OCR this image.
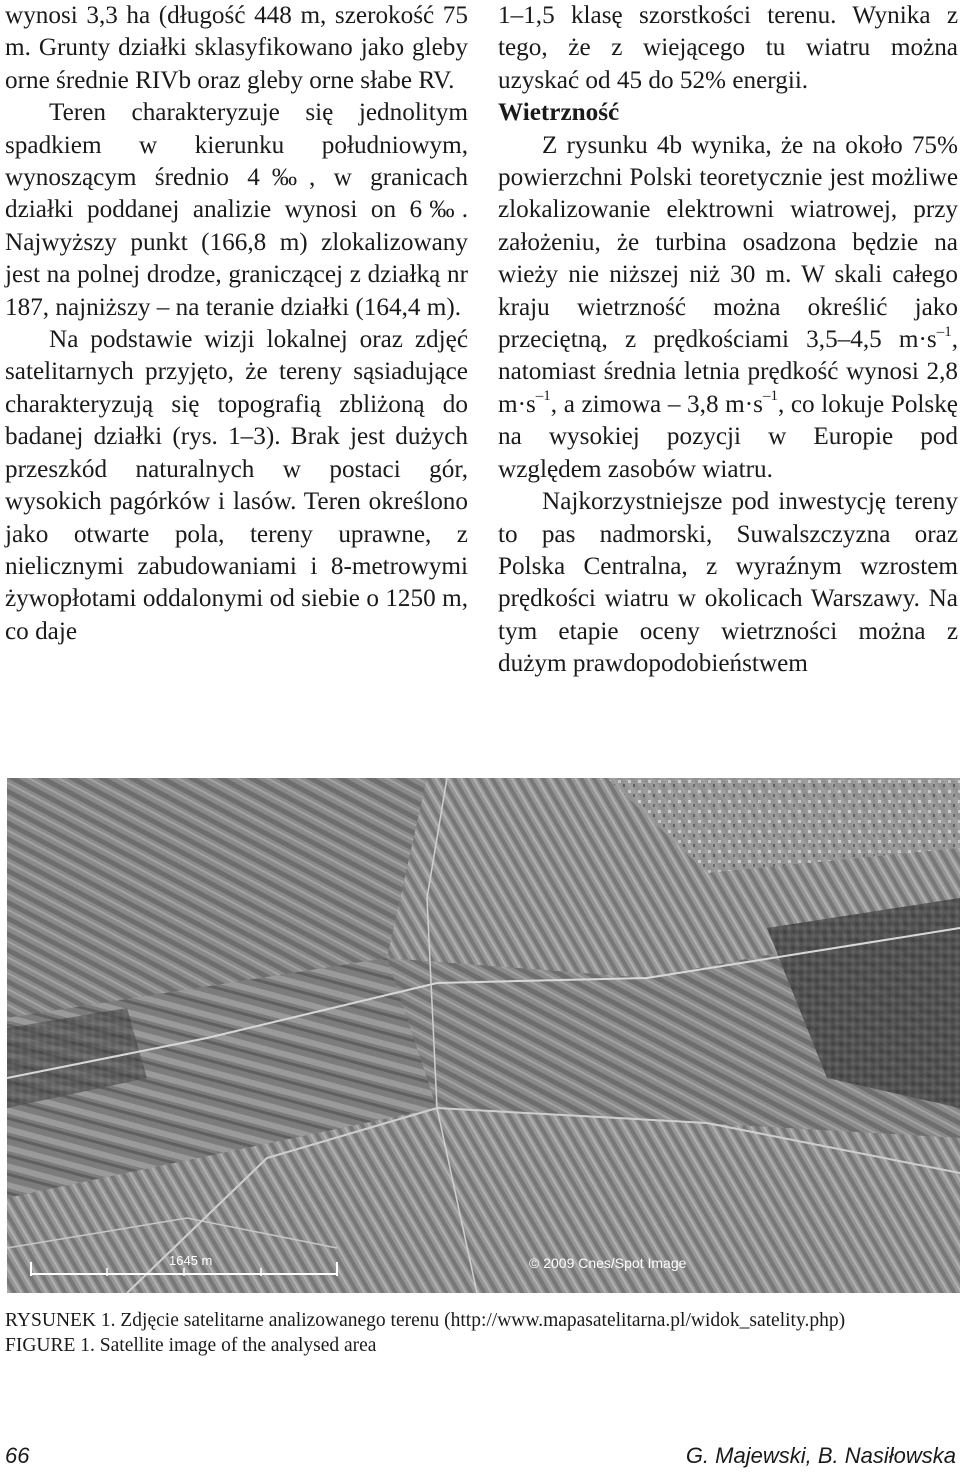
wynosi 3,3 ha (długość 448 m, szerokość 75 m. Grunty działki sklasyfikowano jako gleby orne średnie RIVb oraz gleby orne słabe RV.

Teren charakteryzuje się jednolitym spadkiem w kierunku południowym, wynoszącym średnio 4‰, w granicach działki poddanej analizie wynosi on 6‰. Najwyższy punkt (166,8 m) zlokalizowany jest na polnej drodze, graniczącej z działką nr 187, najniższy – na teranie działki (164,4 m).

Na podstawie wizji lokalnej oraz zdjęć satelitarnych przyjęto, że tereny sąsiadujące charakteryzują się topografią zbliżoną do badanej działki (rys. 1–3). Brak jest dużych przeszkód naturalnych w postaci gór, wysokich pagórków i lasów. Teren określono jako otwarte pola, tereny uprawne, z nielicznymi zabudowaniami i 8-metrowymi żywopłotami oddalonymi od siebie o 1250 m, co daje

1–1,5 klasę szorstkości terenu. Wynika z tego, że z wiejącego tu wiatru można uzyskać od 45 do 52% energii.

Wietrzność

Z rysunku 4b wynika, że na około 75% powierzchni Polski teoretycznie jest możliwe zlokalizowanie elektrowni wiatrowej, przy założeniu, że turbina osadzona będzie na wieży nie niższej niż 30 m. W skali całego kraju wietrzność można określić jako przeciętną, z prędkościami 3,5–4,5 $m\cdot s^{-1}$, natomiast średnia letnia prędkość wynosi 2,8 $m\cdot s^{-1}$, a zimowa – 3,8 $m\cdot s^{-1}$, co lokuje Polskę na wysokiej pozycji w Europie pod względem zasobów wiatru.

Najkorzystniejsze pod inwestycję tereny to pas nadmorski, Suwalszczyzna oraz Polska Centralna, z wyraźnym wzrostem prędkości wiatru w okolicach Warszawy. Na tym etapie oceny wietrzności można z dużym prawdopodobieństwem

1645 m	© 2009 Cnes/Spot Image

RYSUNEK 1. Zdjęcie satelitarne analizowanego terenu (http://www.mapasatelitarna.pl/widok_satelity.php)

FIGURE 1. Satellite image of the analysed area

66	G. Majewski, B. Nasiłowska
